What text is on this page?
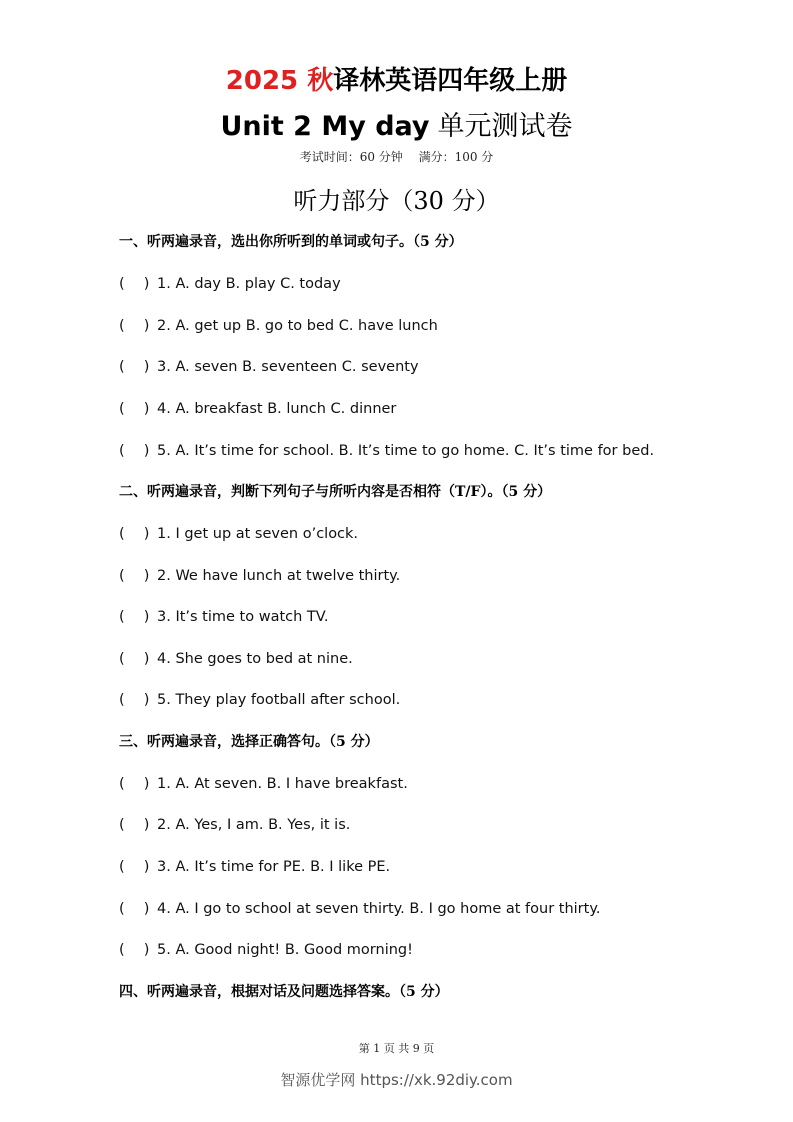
2025 秋译林英语四年级上册
Unit 2 My day 单元测试卷
考试时间：60 分钟　 满分：100 分
听力部分（30 分）
一、听两遍录音，选出你所听到的单词或句子。（5 分）
(　 ) 1. A. day B. play C. today
(　 ) 2. A. get up B. go to bed C. have lunch
(　 ) 3. A. seven B. seventeen C. seventy
(　 ) 4. A. breakfast B. lunch C. dinner
(　 ) 5. A. It’s time for school. B. It’s time to go home. C. It’s time for bed.
二、听两遍录音，判断下列句子与所听内容是否相符（T/F）。（5 分）
(　 ) 1. I get up at seven o’clock.
(　 ) 2. We have lunch at twelve thirty.
(　 ) 3. It’s time to watch TV.
(　 ) 4. She goes to bed at nine.
(　 ) 5. They play football after school.
三、听两遍录音，选择正确答句。（5 分）
(　 ) 1. A. At seven. B. I have breakfast.
(　 ) 2. A. Yes, I am. B. Yes, it is.
(　 ) 3. A. It’s time for PE. B. I like PE.
(　 ) 4. A. I go to school at seven thirty. B. I go home at four thirty.
(　 ) 5. A. Good night! B. Good morning!
四、听两遍录音，根据对话及问题选择答案。（5 分）
第 1 页 共 9 页
智源优学网 https://xk.92diy.com
